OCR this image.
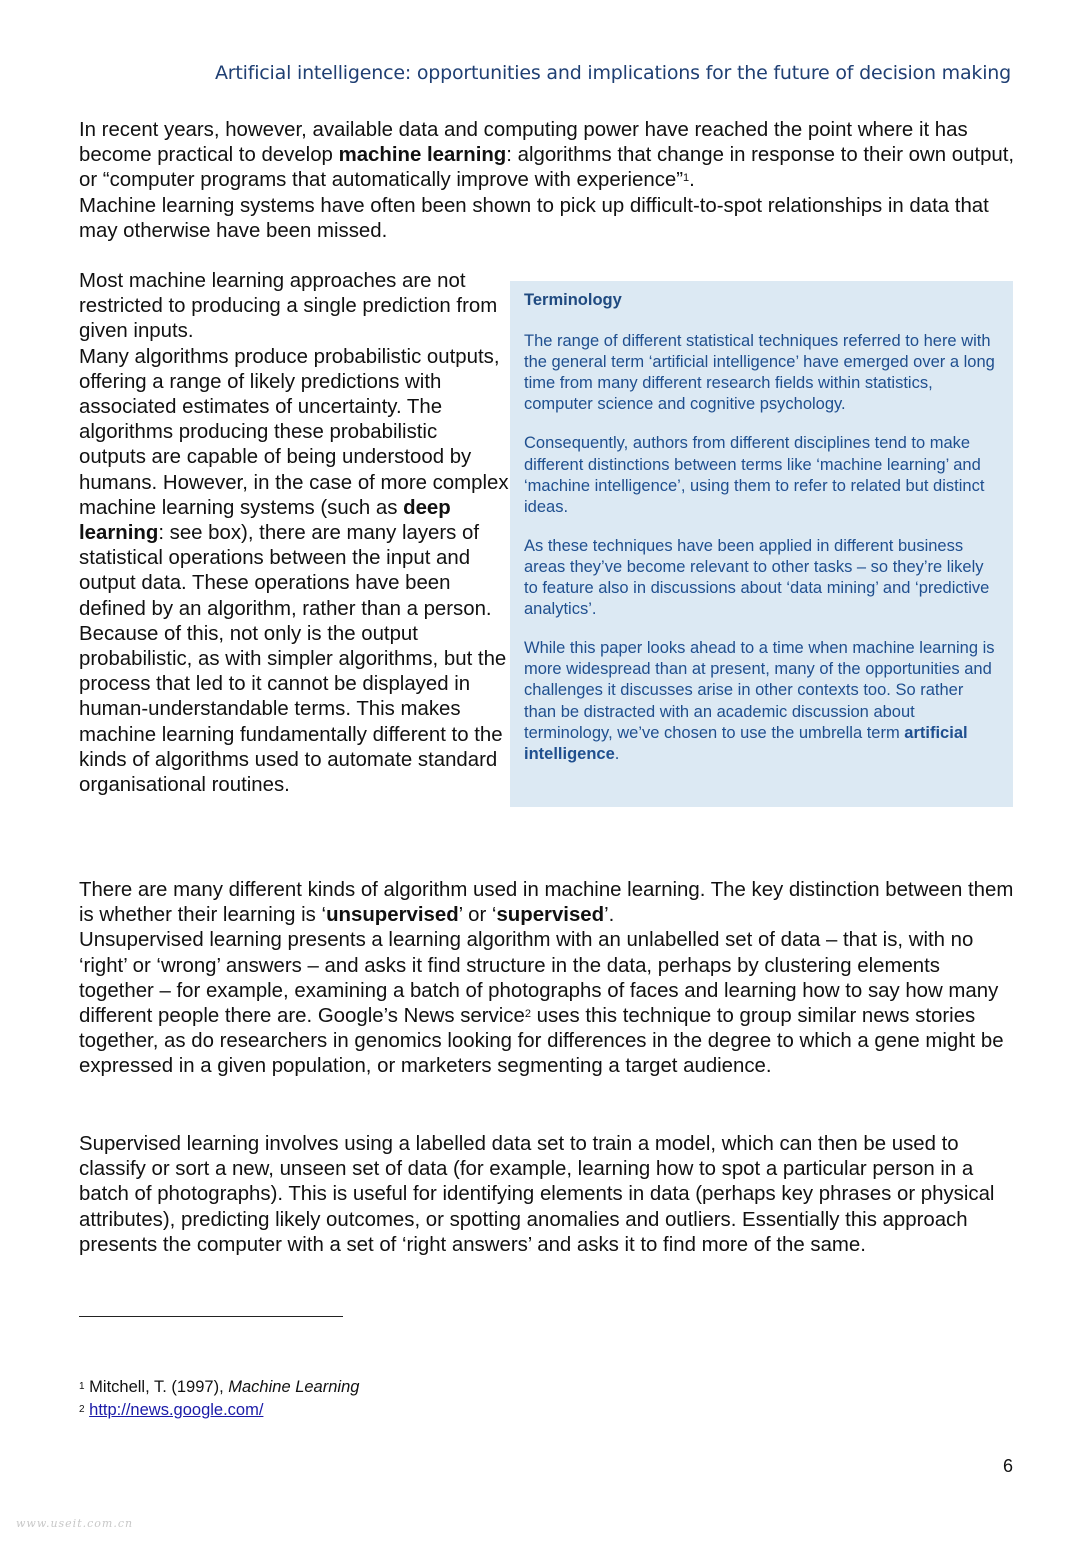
Artificial intelligence: opportunities and implications for the future of decision making

In recent years, however, available data and computing power have reached the point where it has become practical to develop machine learning: algorithms that change in response to their own output, or “computer programs that automatically improve with experience”$^1$.
Machine learning systems have often been shown to pick up difficult-to-spot relationships in data that may otherwise have been missed.

Most machine learning approaches are not restricted to producing a single prediction from given inputs.
Many algorithms produce probabilistic outputs, offering a range of likely predictions with associated estimates of uncertainty. The algorithms producing these probabilistic outputs are capable of being understood by humans. However, in the case of more complex machine learning systems (such as deep learning: see box), there are many layers of statistical operations between the input and output data. These operations have been defined by an algorithm, rather than a person. Because of this, not only is the output probabilistic, as with simpler algorithms, but the process that led to it cannot be displayed in human-understandable terms. This makes machine learning fundamentally different to the kinds of algorithms used to automate standard organisational routines.

Terminology

The range of different statistical techniques referred to here with the general term ‘artificial intelligence’ have emerged over a long time from many different research fields within statistics, computer science and cognitive psychology.

Consequently, authors from different disciplines tend to make different distinctions between terms like ‘machine learning’ and ‘machine intelligence’, using them to refer to related but distinct ideas.

As these techniques have been applied in different business areas they’ve become relevant to other tasks – so they’re likely to feature also in discussions about ‘data mining’ and ‘predictive analytics’.

While this paper looks ahead to a time when machine learning is more widespread than at present, many of the opportunities and challenges it discusses arise in other contexts too. So rather than be distracted with an academic discussion about terminology, we’ve chosen to use the umbrella term artificial intelligence.

There are many different kinds of algorithm used in machine learning. The key distinction between them is whether their learning is ‘unsupervised’ or ‘supervised’.
Unsupervised learning presents a learning algorithm with an unlabelled set of data – that is, with no ‘right’ or ‘wrong’ answers – and asks it find structure in the data, perhaps by clustering elements together – for example, examining a batch of photographs of faces and learning how to say how many different people there are. Google’s News service$^2$ uses this technique to group similar news stories together, as do researchers in genomics looking for differences in the degree to which a gene might be expressed in a given population, or marketers segmenting a target audience.

Supervised learning involves using a labelled data set to train a model, which can then be used to classify or sort a new, unseen set of data (for example, learning how to spot a particular person in a batch of photographs). This is useful for identifying elements in data (perhaps key phrases or physical attributes), predicting likely outcomes, or spotting anomalies and outliers. Essentially this approach presents the computer with a set of ‘right answers’ and asks it to find more of the same.

$^1$ Mitchell, T. (1997), Machine Learning
$^2$ http://news.google.com/
6
www.useit.com.cn
